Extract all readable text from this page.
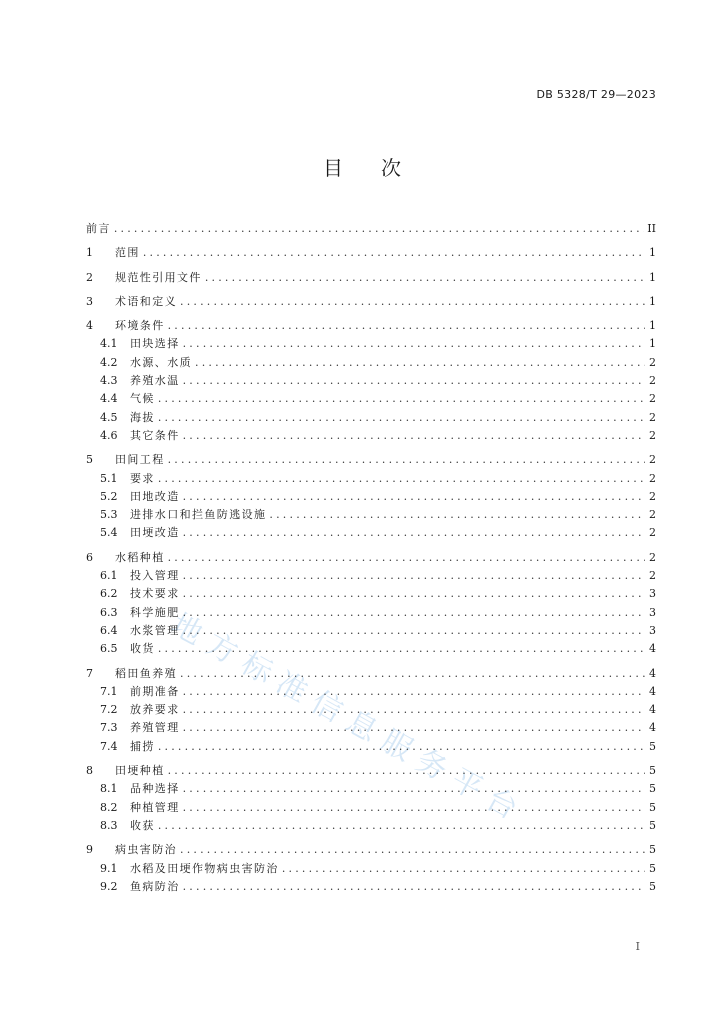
地方标准信息服务平台
DB 5328/T 29—2023
目 次
前言 .....	II
1	范围 .....	1
2	规范性引用文件 .....	1
3	术语和定义 .....	1
4	环境条件 .....	1
4.1	田块选择 .....	1
4.2	水源、水质 .....	2
4.3	养殖水温 .....	2
4.4	气候 .....	2
4.5	海拔 .....	2
4.6	其它条件 .....	2
5	田间工程 .....	2
5.1	要求 .....	2
5.2	田地改造 .....	2
5.3	进排水口和拦鱼防逃设施 .....	2
5.4	田埂改造 .....	2
6	水稻种植 .....	2
6.1	投入管理 .....	2
6.2	技术要求 .....	3
6.3	科学施肥 .....	3
6.4	水浆管理 .....	3
6.5	收货 .....	4
7	稻田鱼养殖 .....	4
7.1	前期准备 .....	4
7.2	放养要求 .....	4
7.3	养殖管理 .....	4
7.4	捕捞 .....	5
8	田埂种植 .....	5
8.1	品种选择 .....	5
8.2	种植管理 .....	5
8.3	收获 .....	5
9	病虫害防治 .....	5
9.1	水稻及田埂作物病虫害防治 .....	5
9.2	鱼病防治 .....	5
I
